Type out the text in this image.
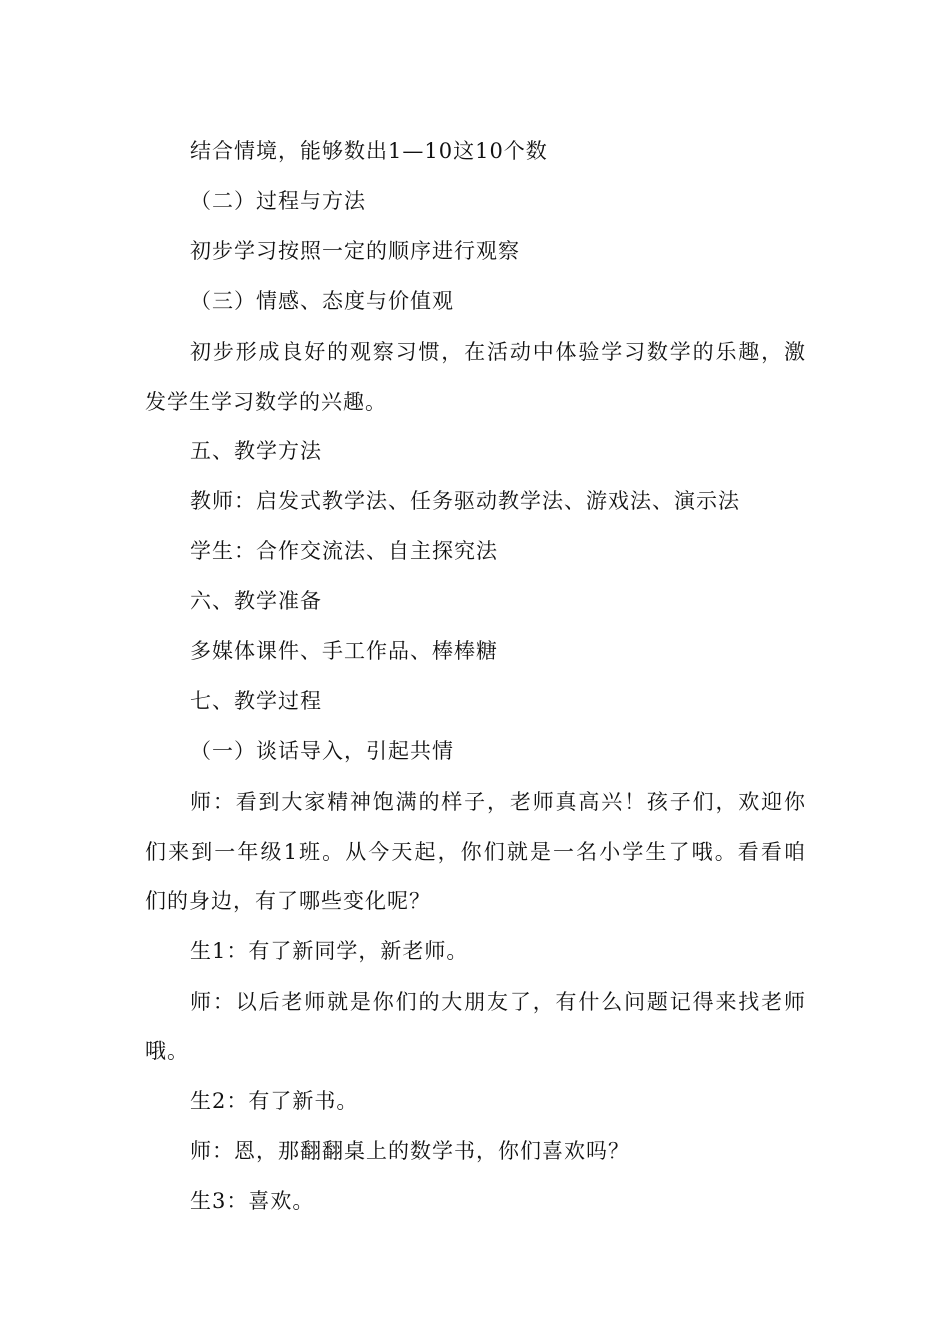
结合情境，能够数出1—10这10个数
（二）过程与方法
初步学习按照一定的顺序进行观察
（三）情感、态度与价值观
初步形成良好的观察习惯，在活动中体验学习数学的乐趣，激
发学生学习数学的兴趣。
五、教学方法
教师：启发式教学法、任务驱动教学法、游戏法、演示法
学生：合作交流法、自主探究法
六、教学准备
多媒体课件、手工作品、棒棒糖
七、教学过程
（一）谈话导入，引起共情
师：看到大家精神饱满的样子，老师真高兴！孩子们，欢迎你
们来到一年级1班。从今天起，你们就是一名小学生了哦。看看咱
们的身边，有了哪些变化呢？
生1：有了新同学，新老师。
师：以后老师就是你们的大朋友了，有什么问题记得来找老师
哦。
生2：有了新书。
师：恩，那翻翻桌上的数学书，你们喜欢吗？
生3：喜欢。
